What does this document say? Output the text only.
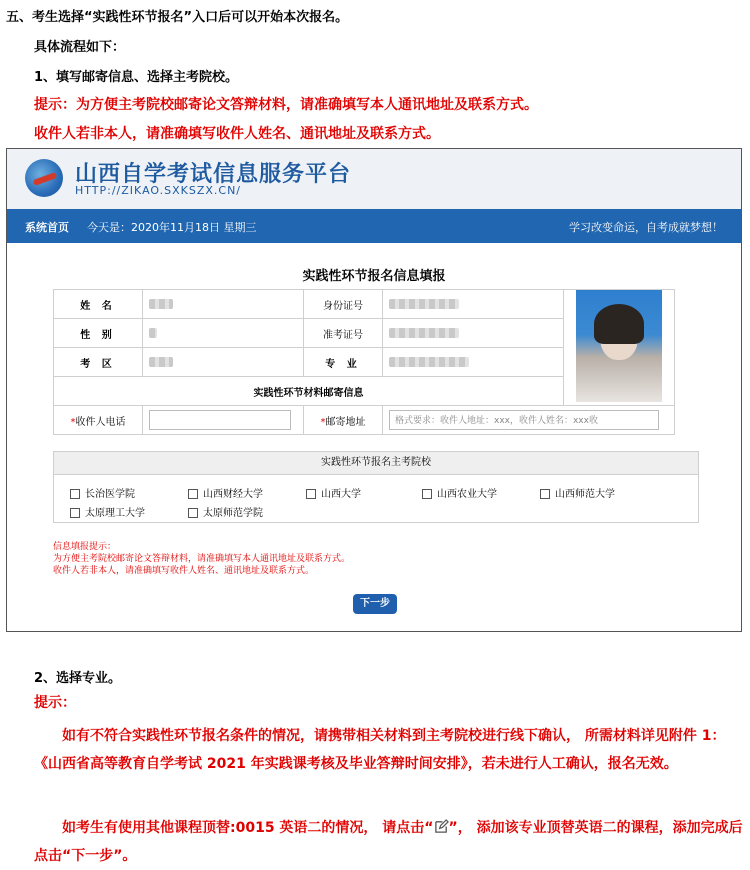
五、考生选择“实践性环节报名”入口后可以开始本次报名。
具体流程如下：
1、填写邮寄信息、选择主考院校。
提示：为方便主考院校邮寄论文答辩材料，请准确填写本人通讯地址及联系方式。
收件人若非本人，请准确填写收件人姓名、通讯地址及联系方式。
山西自学考试信息服务平台
HTTP://ZIKAO.SXKSZX.CN/
系统首页 今天是：2020年11月18日 星期三	学习改变命运，自考成就梦想！
实践性环节报名信息填报
姓 名		身份证号		
性 别		准考证号		
考 区		专 业		
实践性环节材料邮寄信息				
*收件人电话		*邮寄地址	格式要求：收件人地址：xxx，收件人姓名：xxx收	
实践性环节报名主考院校
长治医学院	山西财经大学	山西大学	山西农业大学	山西师范大学
太原理工大学	太原师范学院
信息填报提示：
为方便主考院校邮寄论文答辩材料，请准确填写本人通讯地址及联系方式。
收件人若非本人，请准确填写收件人姓名、通讯地址及联系方式。
下一步
2、选择专业。
提示：
如有不符合实践性环节报名条件的情况，请携带相关材料到主考院校进行线下确认， 所需材料详见附件 1：《山西省高等教育自学考试 2021 年实践课考核及毕业答辩时间安排》，若未进行人工确认，报名无效。
如考生有使用其他课程顶替:0015 英语二的情况， 请点击“ ”， 添加该专业顶替英语二的课程，添加完成后点击“下一步”。
